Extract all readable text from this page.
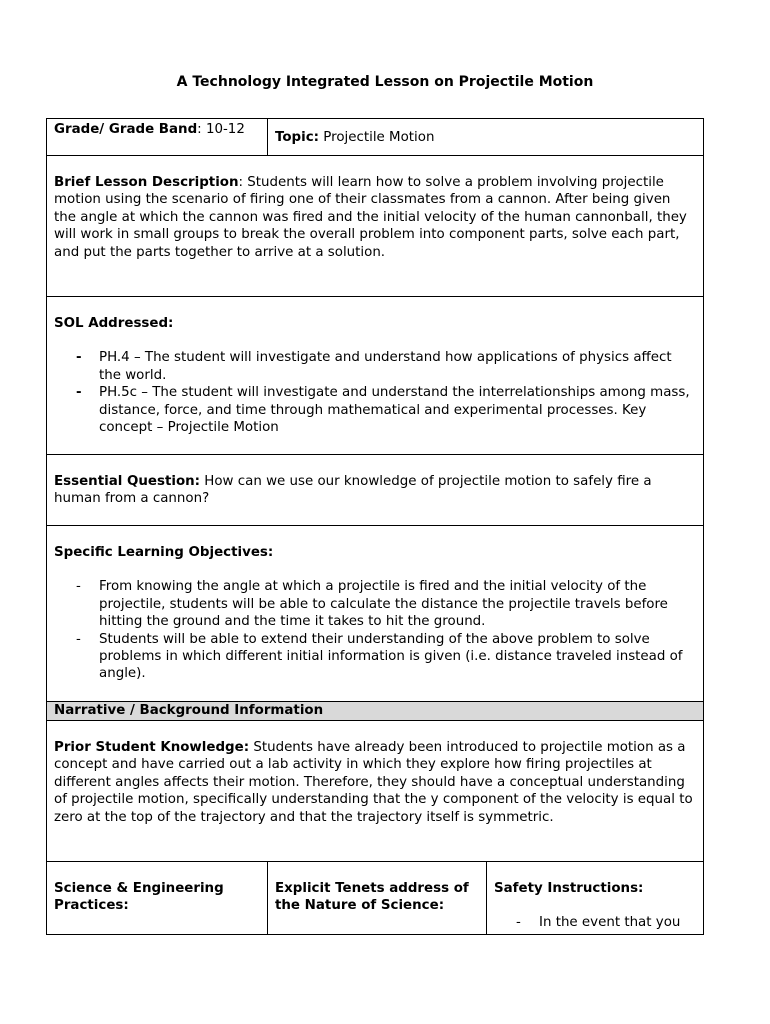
A Technology Integrated Lesson on Projectile Motion
Grade/ Grade Band: 10-12
Topic: Projectile Motion
Brief Lesson Description: Students will learn how to solve a problem involving projectile motion using the scenario of firing one of their classmates from a cannon. After being given the angle at which the cannon was fired and the initial velocity of the human cannonball, they will work in small groups to break the overall problem into component parts, solve each part, and put the parts together to arrive at a solution.
SOL Addressed:
- PH.4 – The student will investigate and understand how applications of physics affect the world.
- PH.5c – The student will investigate and understand the interrelationships among mass, distance, force, and time through mathematical and experimental processes. Key concept – Projectile Motion
Essential Question: How can we use our knowledge of projectile motion to safely fire a human from a cannon?
Specific Learning Objectives:
- From knowing the angle at which a projectile is fired and the initial velocity of the projectile, students will be able to calculate the distance the projectile travels before hitting the ground and the time it takes to hit the ground.
- Students will be able to extend their understanding of the above problem to solve problems in which different initial information is given (i.e. distance traveled instead of angle).
Narrative / Background Information
Prior Student Knowledge: Students have already been introduced to projectile motion as a concept and have carried out a lab activity in which they explore how firing projectiles at different angles affects their motion. Therefore, they should have a conceptual understanding of projectile motion, specifically understanding that the y component of the velocity is equal to zero at the top of the trajectory and that the trajectory itself is symmetric.
Science & Engineering Practices:
Explicit Tenets address of the Nature of Science:
Safety Instructions:
- In the event that you
